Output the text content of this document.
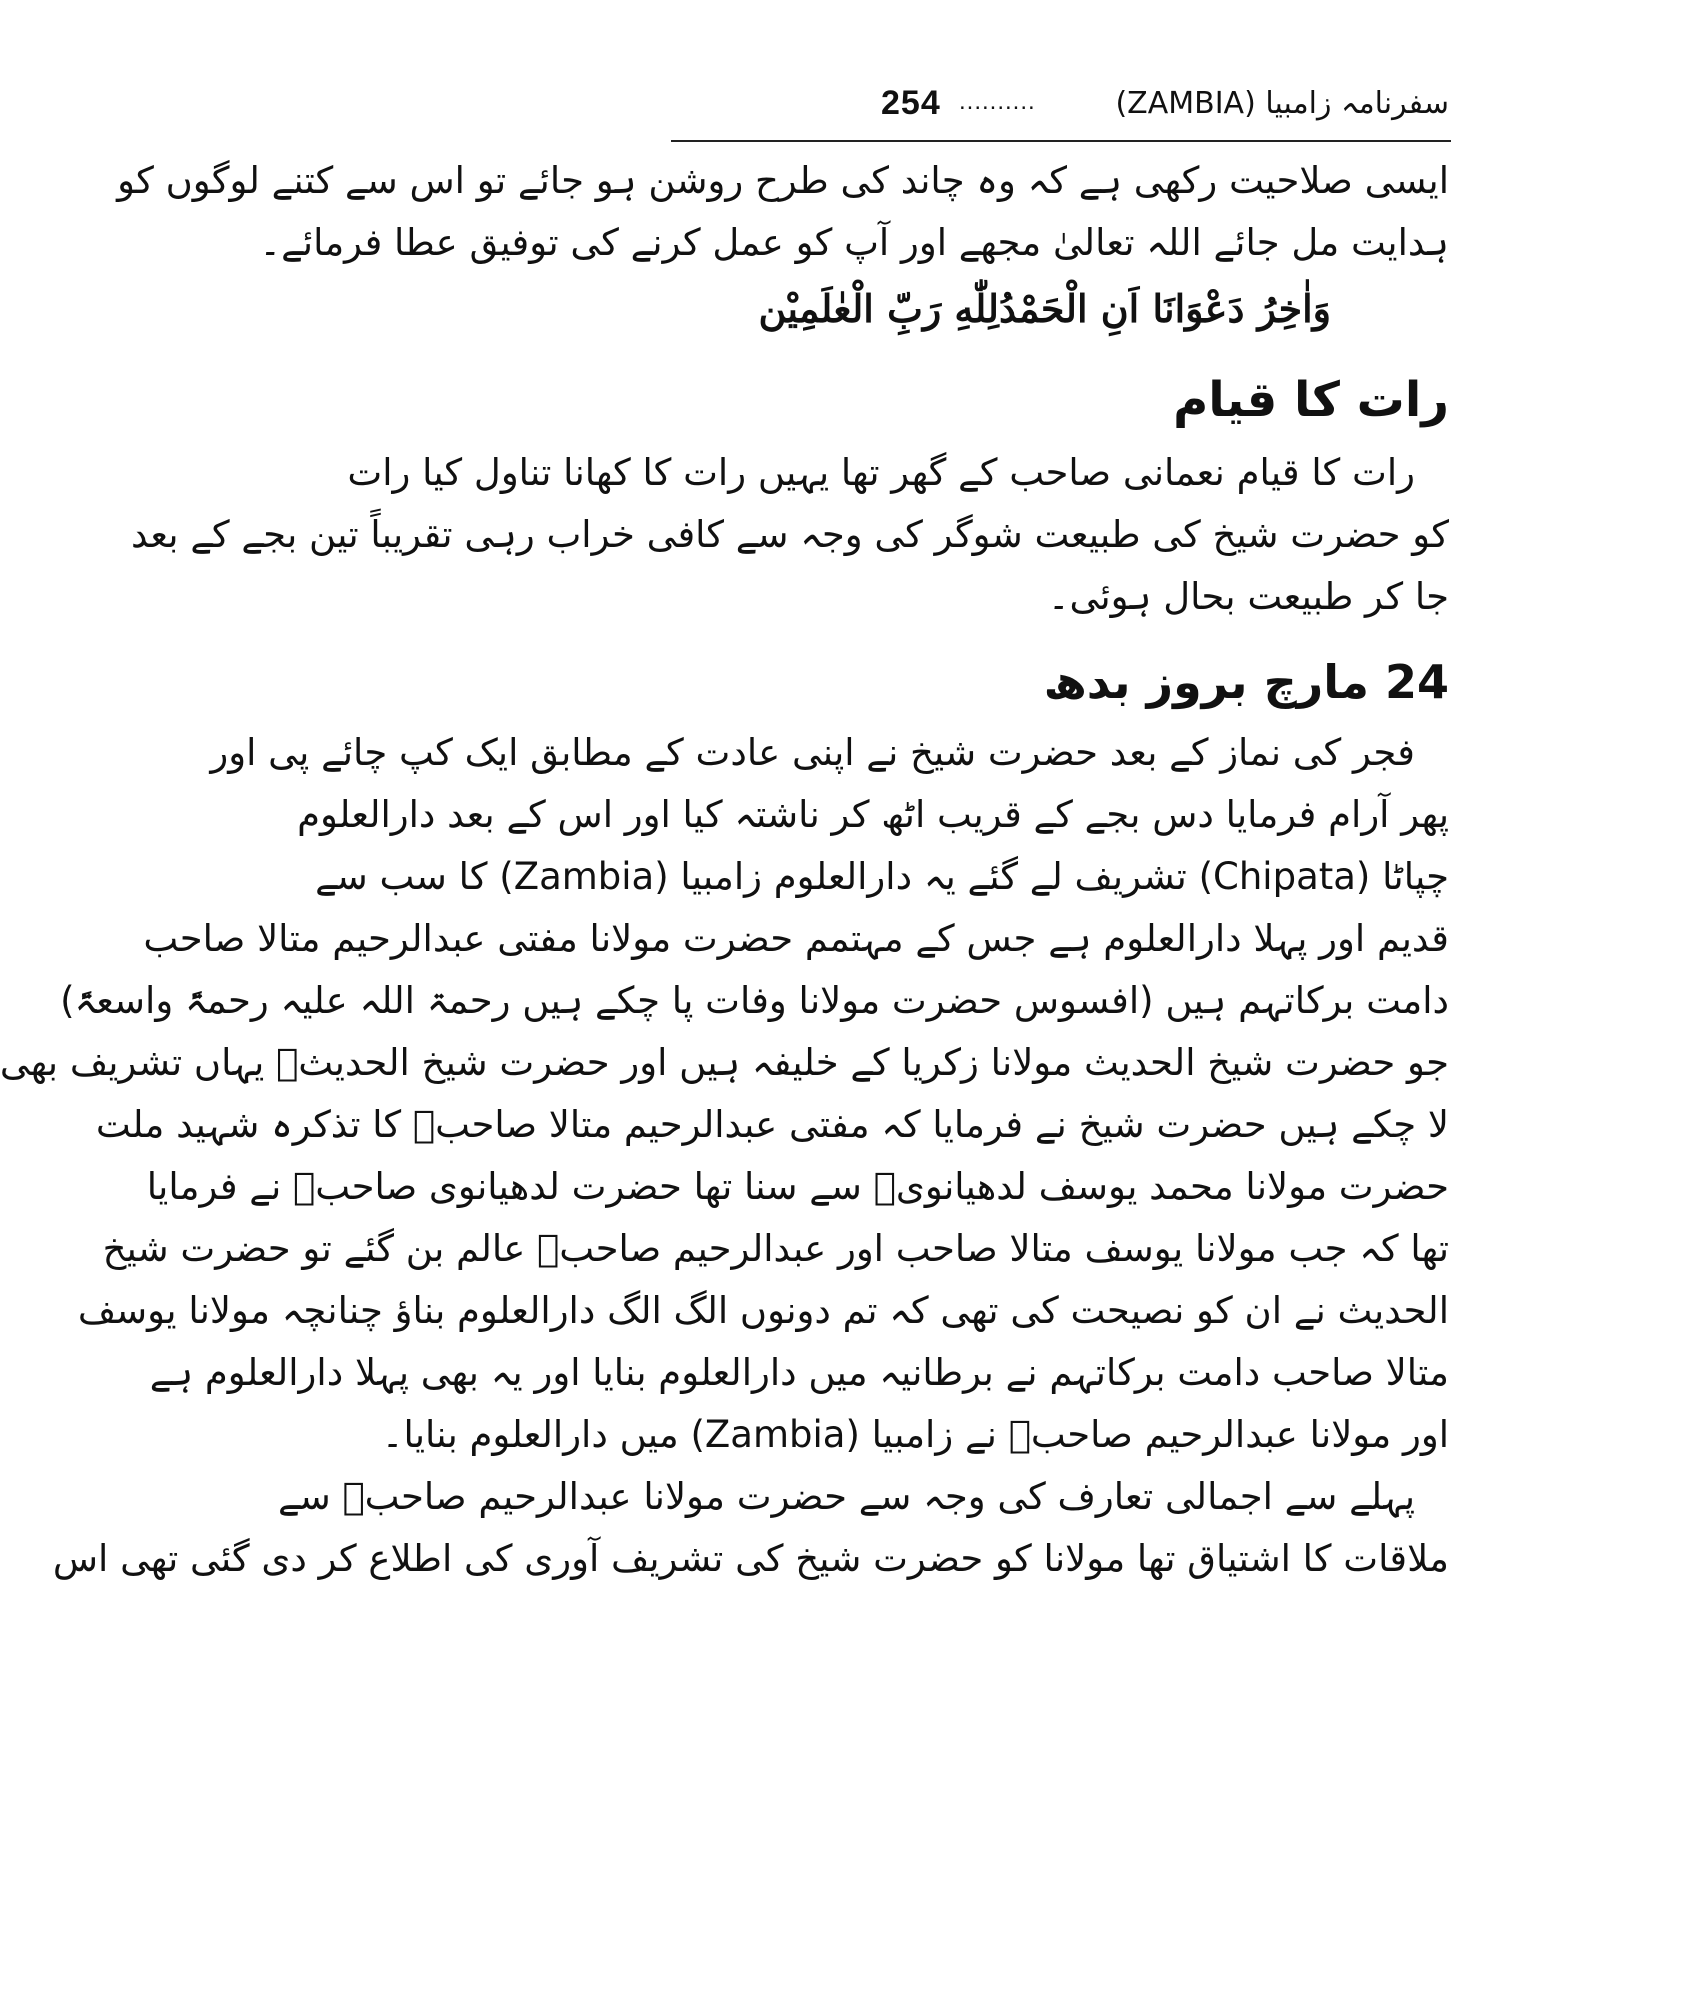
254 ..........	سفرنامہ زامبیا (ZAMBIA)
ایسی صلاحیت رکھی ہے کہ وہ چاند کی طرح روشن ہو جائے تو اس سے کتنے لوگوں کو
ہدایت مل جائے اللہ تعالیٰ مجھے اور آپ کو عمل کرنے کی توفیق عطا فرمائے۔
وَاٰخِرُ دَعْوَانَا اَنِ الْحَمْدُلِلّٰهِ رَبِّ الْعٰلَمِيْن
رات کا قیام
رات کا قیام نعمانی صاحب کے گھر تھا یہیں رات کا کھانا تناول کیا رات
کو حضرت شیخ کی طبیعت شوگر کی وجہ سے کافی خراب رہی تقریباً تین بجے کے بعد
جا کر طبیعت بحال ہوئی۔
24 مارچ بروز بدھ
فجر کی نماز کے بعد حضرت شیخ نے اپنی عادت کے مطابق ایک کپ چائے پی اور
پھر آرام فرمایا دس بجے کے قریب اٹھ کر ناشتہ کیا اور اس کے بعد دارالعلوم
چپاٹا (Chipata) تشریف لے گئے یہ دارالعلوم زامبیا (Zambia) کا سب سے
قدیم اور پہلا دارالعلوم ہے جس کے مہتمم حضرت مولانا مفتی عبدالرحیم متالا صاحب
دامت برکاتہم ہیں (افسوس حضرت مولانا وفات پا چکے ہیں رحمۃ اللہ علیہ رحمۃً واسعۃً)
جو حضرت شیخ الحدیث مولانا زکریا کے خلیفہ ہیں اور حضرت شیخ الحدیثؒ یہاں تشریف بھی
لا چکے ہیں حضرت شیخ نے فرمایا کہ مفتی عبدالرحیم متالا صاحبؒ کا تذکرہ شہید ملت
حضرت مولانا محمد یوسف لدھیانویؒ سے سنا تھا حضرت لدھیانوی صاحبؒ نے فرمایا
تھا کہ جب مولانا یوسف متالا صاحب اور عبدالرحیم صاحبؒ عالم بن گئے تو حضرت شیخ
الحدیث نے ان کو نصیحت کی تھی کہ تم دونوں الگ الگ دارالعلوم بناؤ چنانچہ مولانا یوسف
متالا صاحب دامت برکاتہم نے برطانیہ میں دارالعلوم بنایا اور یہ بھی پہلا دارالعلوم ہے
اور مولانا عبدالرحیم صاحبؒ نے زامبیا (Zambia) میں دارالعلوم بنایا۔
پہلے سے اجمالی تعارف کی وجہ سے حضرت مولانا عبدالرحیم صاحبؒ سے
ملاقات کا اشتیاق تھا مولانا کو حضرت شیخ کی تشریف آوری کی اطلاع کر دی گئی تھی اس
